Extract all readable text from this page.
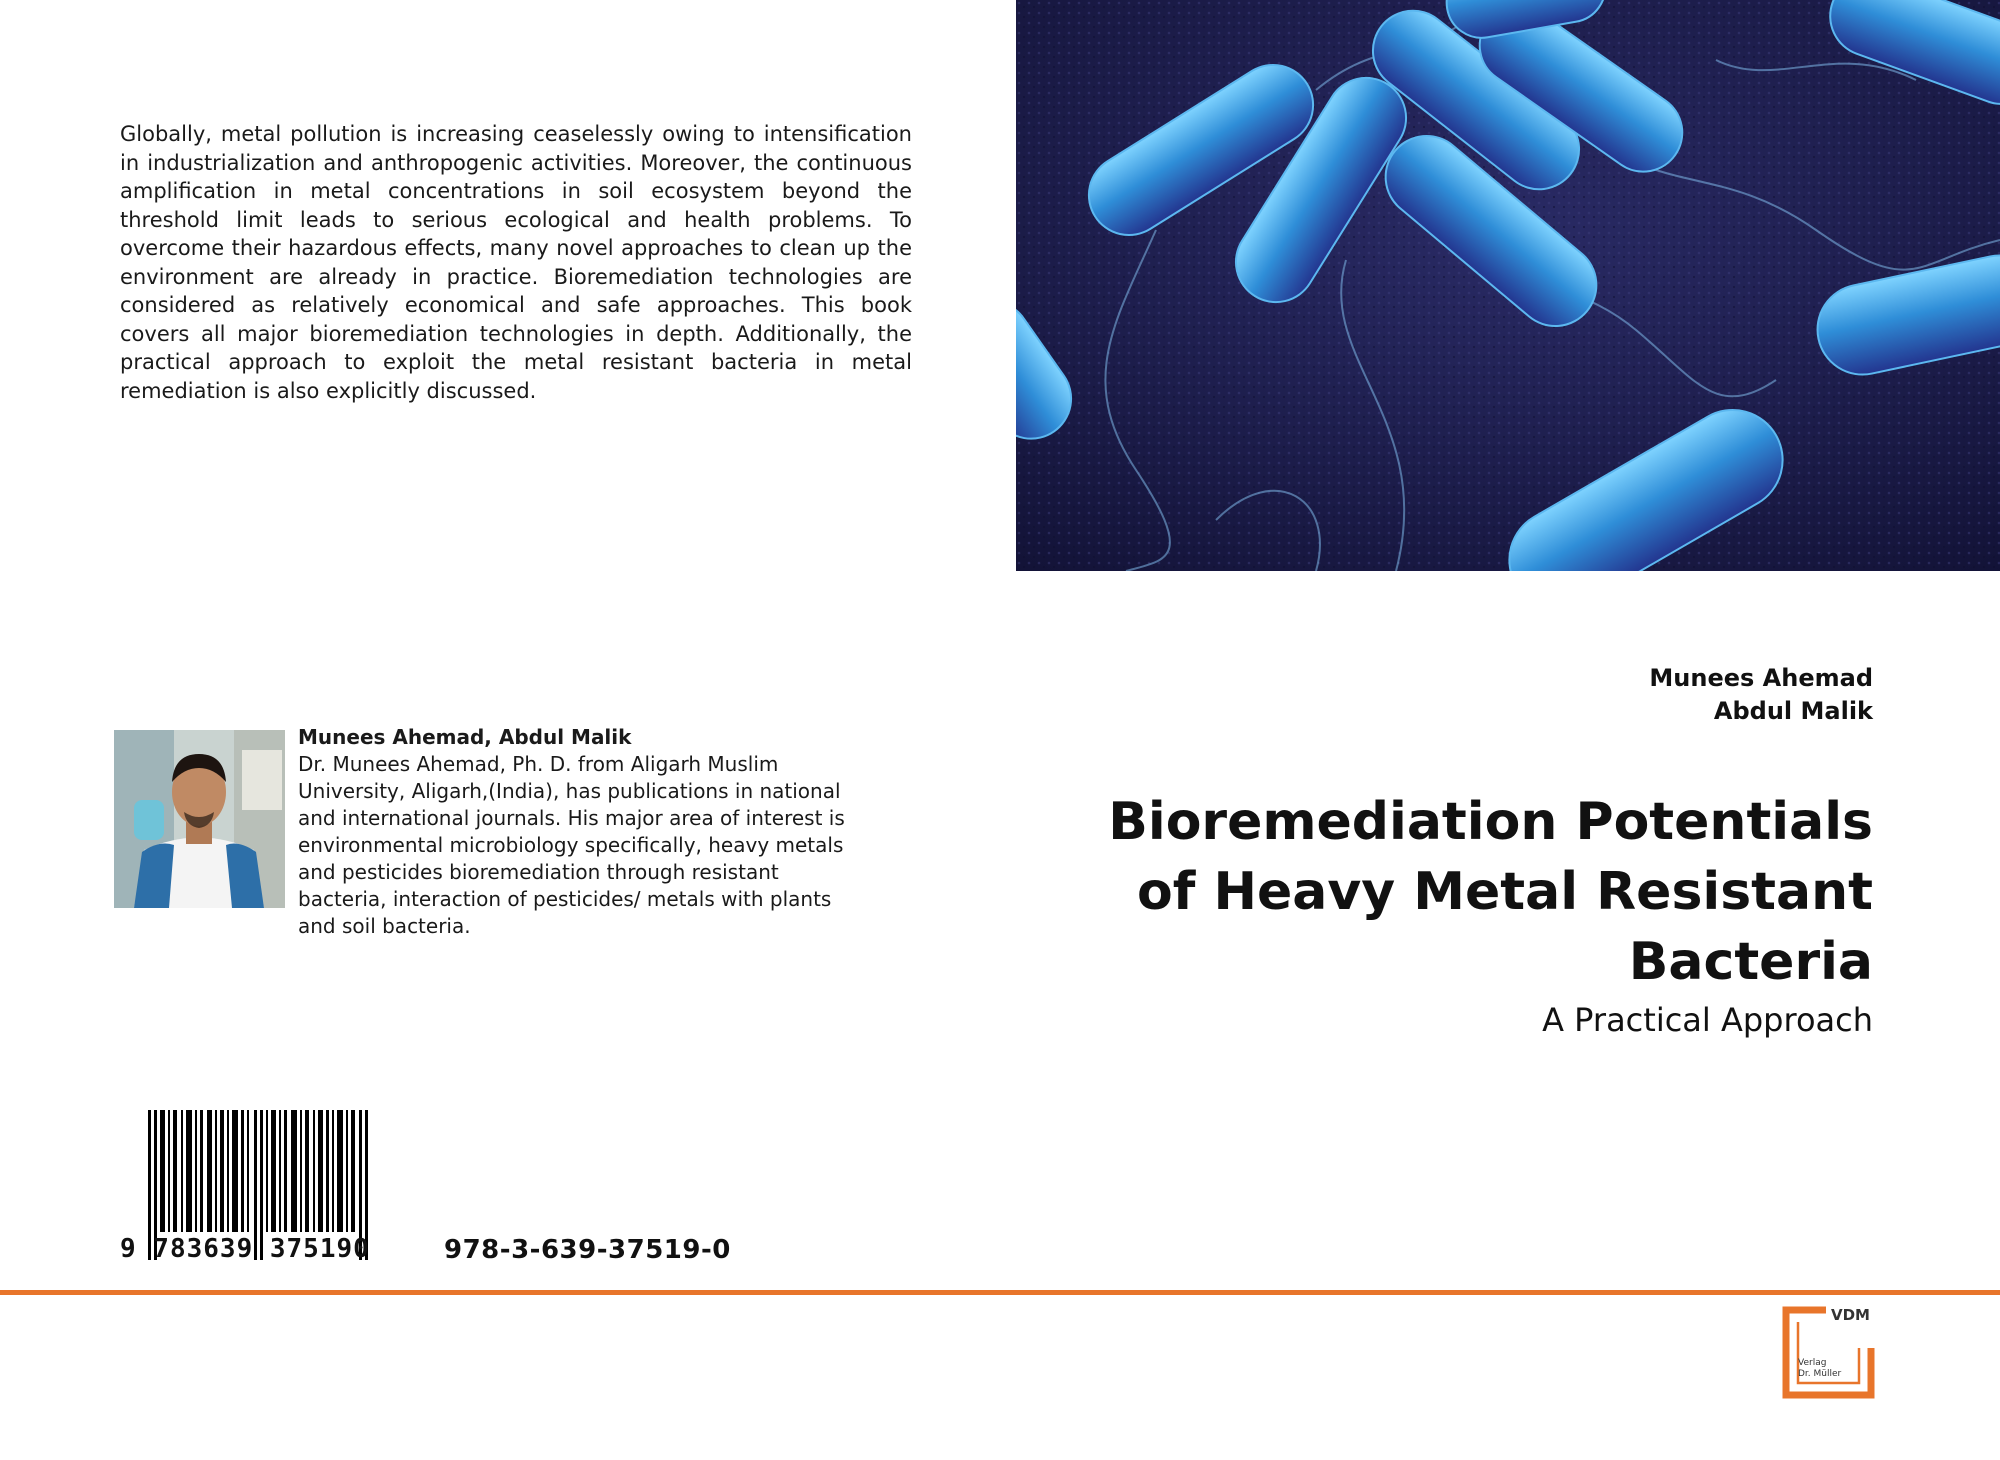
Globally, metal pollution is increasing ceaselessly owing to intensification in industrialization and anthropogenic activities. Moreover, the continuous amplification in metal concentrations in soil ecosystem beyond the threshold limit leads to serious ecological and health problems. To overcome their hazardous effects, many novel approaches to clean up the environment are already in practice. Bioremediation technologies are considered as relatively economical and safe approaches. This book covers all major bioremediation technologies in depth. Additionally, the practical approach to exploit the metal resistant bacteria in metal remediation is also explicitly discussed.

Munees Ahemad
Abdul Malik
Bioremediation Potentials
of Heavy Metal Resistant
Bacteria
A Practical Approach
Munees Ahemad, Abdul Malik
Dr. Munees Ahemad, Ph. D. from Aligarh Muslim University, Aligarh,(India), has publications in national and international journals. His major area of interest is environmental microbiology specifically, heavy metals and pesticides bioremediation through resistant bacteria, interaction of pesticides/ metals with plants and soil bacteria.
9 783639 375190	978-3-639-37519-0
VDM
Verlag
Dr. Müller
